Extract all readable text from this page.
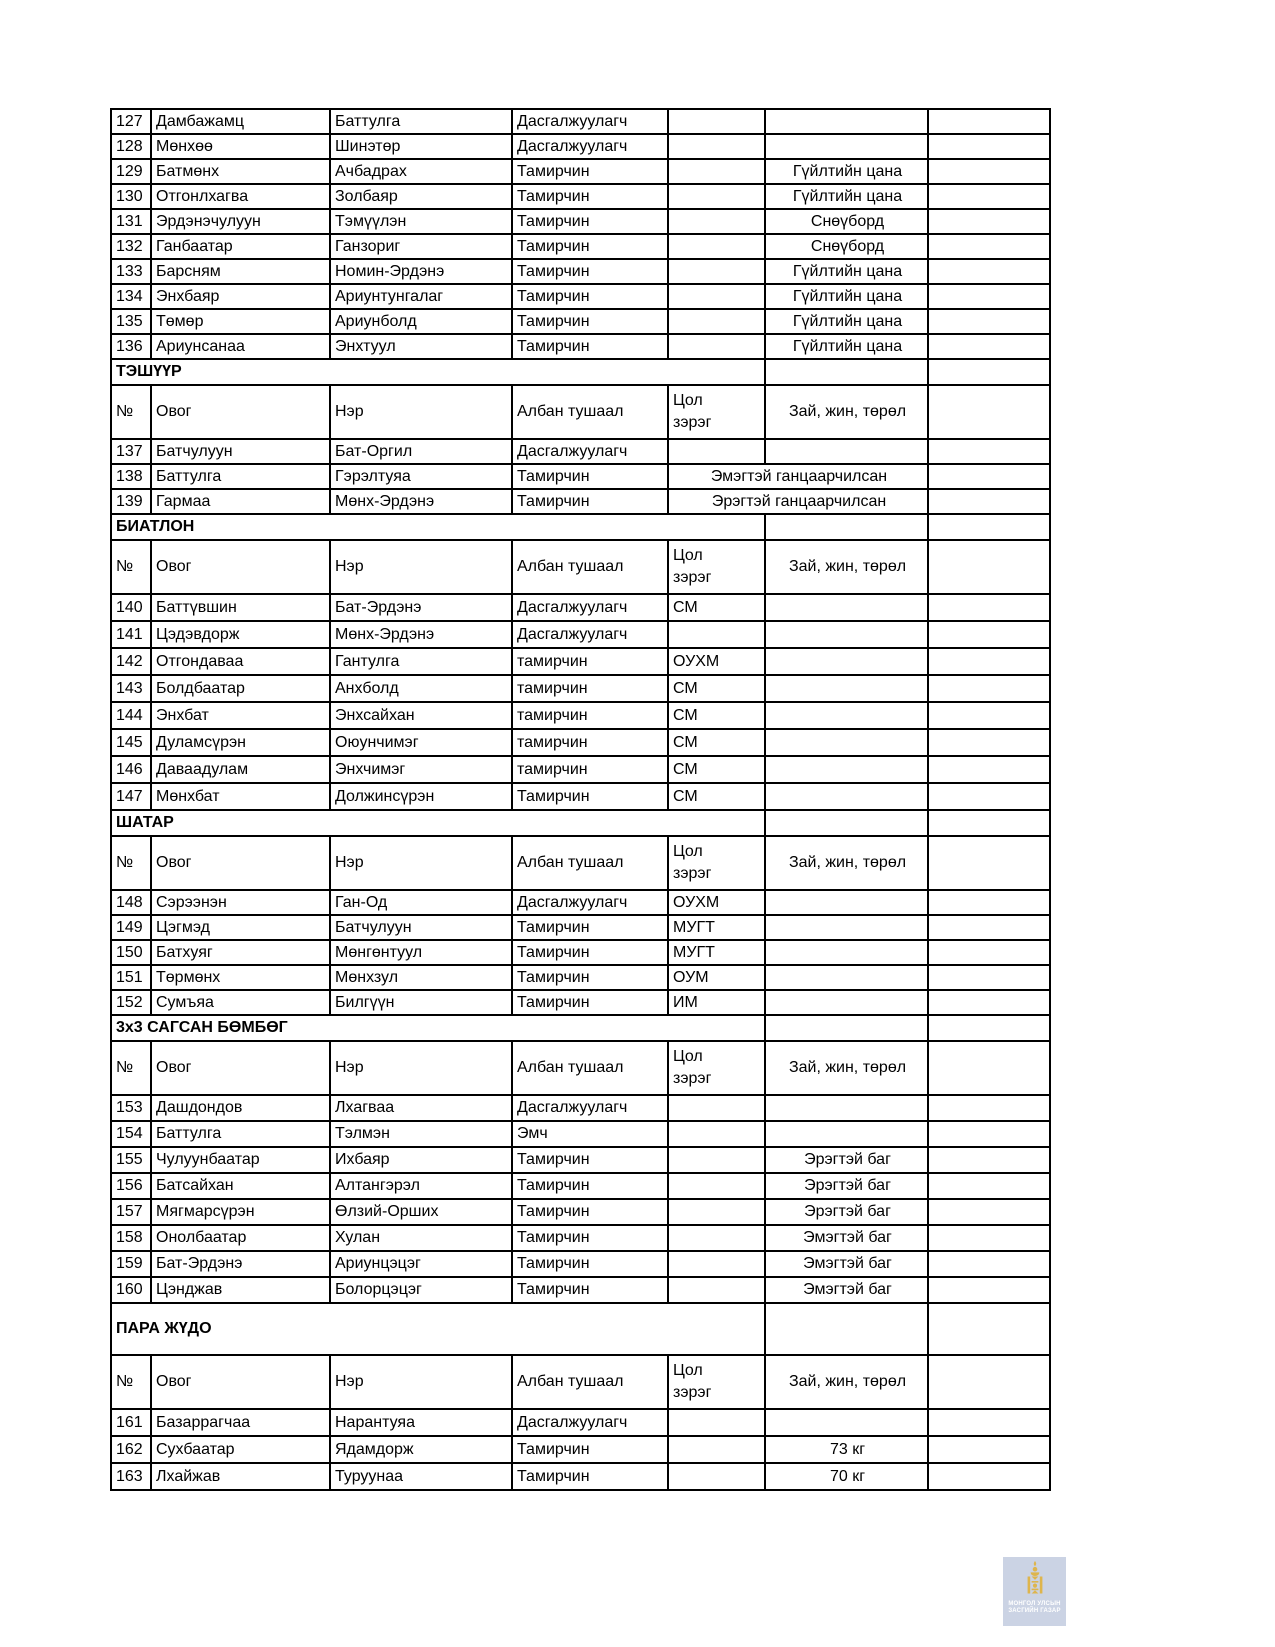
127	Дамбажамц	Баттулга	Дасгалжуулагч			
128	Мөнхөө	Шинэтөр	Дасгалжуулагч			
129	Батмөнх	Ачбадрах	Тамирчин		Гүйлтийн цана	
130	Отгонлхагва	Золбаяр	Тамирчин		Гүйлтийн цана	
131	Эрдэнэчулуун	Тэмүүлэн	Тамирчин		Снөүборд	
132	Ганбаатар	Ганзориг	Тамирчин		Снөүборд	
133	Барсням	Номин-Эрдэнэ	Тамирчин		Гүйлтийн цана	
134	Энхбаяр	Ариунтунгалаг	Тамирчин		Гүйлтийн цана	
135	Төмөр	Ариунболд	Тамирчин		Гүйлтийн цана	
136	Ариунсанаа	Энхтуул	Тамирчин		Гүйлтийн цана	
ТЭШҮҮР						
№	Овог	Нэр	Албан тушаал	Цол зэрэг	Зай, жин, төрөл	
137	Батчулуун	Бат-Оргил	Дасгалжуулагч			
138	Баттулга	Гэрэлтуяа	Тамирчин	Эмэгтэй ганцаарчилсан		
139	Гармаа	Мөнх-Эрдэнэ	Тамирчин	Эрэгтэй ганцаарчилсан		
БИАТЛОН						
№	Овог	Нэр	Албан тушаал	Цол зэрэг	Зай, жин, төрөл	
140	Баттүвшин	Бат-Эрдэнэ	Дасгалжуулагч	СМ		
141	Цэдэвдорж	Мөнх-Эрдэнэ	Дасгалжуулагч			
142	Отгондаваа	Гантулга	тамирчин	ОУХМ		
143	Болдбаатар	Анхболд	тамирчин	СМ		
144	Энхбат	Энхсайхан	тамирчин	СМ		
145	Дуламсүрэн	Оюунчимэг	тамирчин	СМ		
146	Даваадулам	Энхчимэг	тамирчин	СМ		
147	Мөнхбат	Должинсүрэн	Тамирчин	СМ		
ШАТАР						
№	Овог	Нэр	Албан тушаал	Цол зэрэг	Зай, жин, төрөл	
148	Сэрээнэн	Ган-Од	Дасгалжуулагч	ОУХМ		
149	Цэгмэд	Батчулуун	Тамирчин	МУГТ		
150	Батхуяг	Мөнгөнтуул	Тамирчин	МУГТ		
151	Төрмөнх	Мөнхзул	Тамирчин	ОУМ		
152	Сумъяа	Билгүүн	Тамирчин	ИМ		
3х3 САГСАН БӨМБӨГ						
№	Овог	Нэр	Албан тушаал	Цол зэрэг	Зай, жин, төрөл	
153	Дашдондов	Лхагваа	Дасгалжуулагч			
154	Баттулга	Тэлмэн	Эмч			
155	Чулуунбаатар	Ихбаяр	Тамирчин		Эрэгтэй баг	
156	Батсайхан	Алтангэрэл	Тамирчин		Эрэгтэй баг	
157	Мягмарсүрэн	Өлзий-Орших	Тамирчин		Эрэгтэй баг	
158	Онолбаатар	Хулан	Тамирчин		Эмэгтэй баг	
159	Бат-Эрдэнэ	Ариунцэцэг	Тамирчин		Эмэгтэй баг	
160	Цэнджав	Болорцэцэг	Тамирчин		Эмэгтэй баг	
ПАРА ЖҮДО						
№	Овог	Нэр	Албан тушаал	Цол зэрэг	Зай, жин, төрөл	
161	Базаррагчаа	Нарантуяа	Дасгалжуулагч			
162	Сухбаатар	Ядамдорж	Тамирчин		73 кг	
163	Лхайжав	Туруунаа	Тамирчин		70 кг	
МОНГОЛ УЛСЫН
ЗАСГИЙН ГАЗАР
